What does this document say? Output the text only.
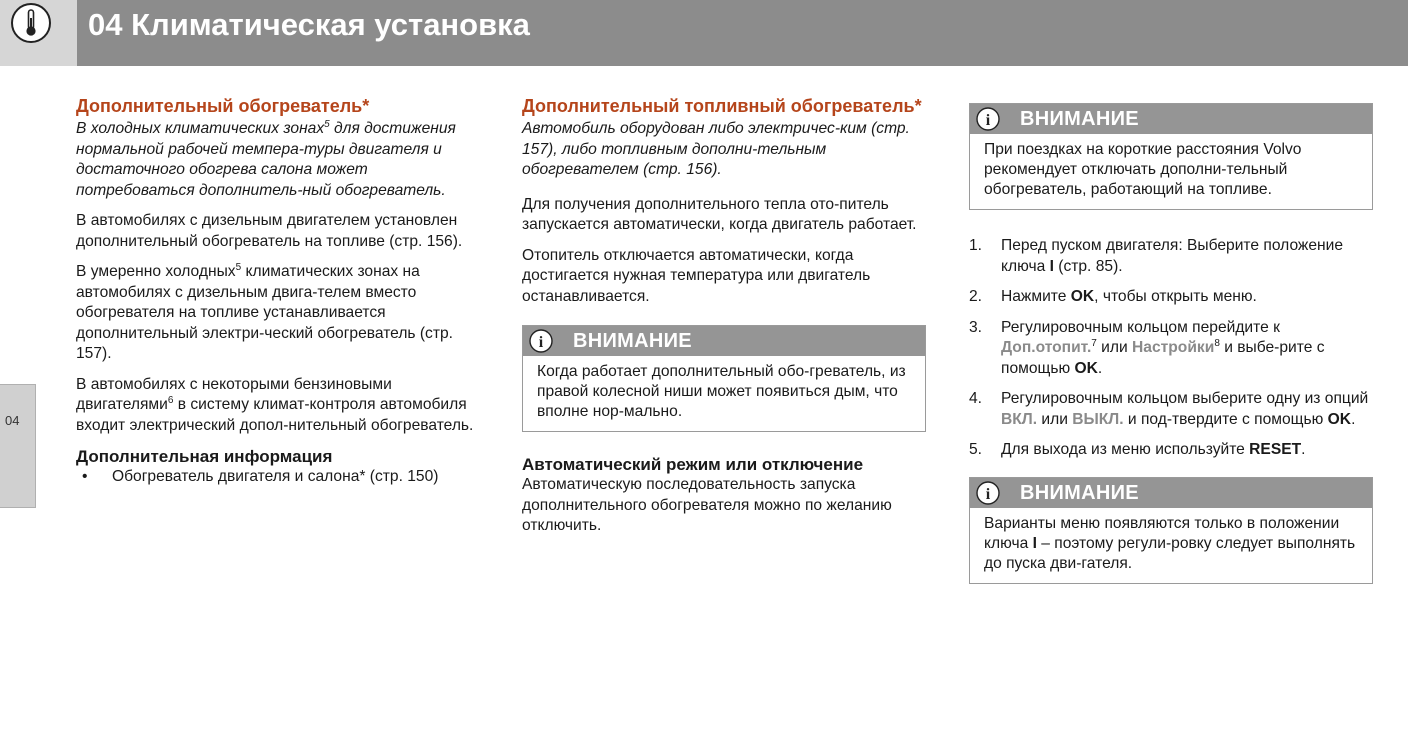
04 Климатическая установка
04
Дополнительный обогреватель*

В холодных климатических зонах$^5$ для достижения нормальной рабочей темпера-туры двигателя и достаточного обогрева салона может потребоваться дополнитель-ный обогреватель.

В автомобилях с дизельным двигателем установлен дополнительный обогреватель на топливе (стр. 156).

В умеренно холодных$^5$ климатических зонах на автомобилях с дизельным двига-телем вместо обогревателя на топливе устанавливается дополнительный электри-ческий обогреватель (стр. 157).

В автомобилях с некоторыми бензиновыми двигателями$^6$ в систему климат-контроля автомобиля входит электрический допол-нительный обогреватель.

Дополнительная информация
• Обогреватель двигателя и салона* (стр. 150)
Дополнительный топливный обогреватель*

Автомобиль оборудован либо электричес-ким (стр. 157), либо топливным дополни-тельным обогревателем (стр. 156).

Для получения дополнительного тепла ото-питель запускается автоматически, когда двигатель работает.

Отопитель отключается автоматически, когда достигается нужная температура или двигатель останавливается.

i ВНИМАНИЕ
Когда работает дополнительный обо-греватель, из правой колесной ниши может появиться дым, что вполне нор-мально.
Автоматический режим или отключение

Автоматическую последовательность запуска дополнительного обогревателя можно по желанию отключить.

i ВНИМАНИЕ
При поездках на короткие расстояния Volvo рекомендует отключать дополни-тельный обогреватель, работающий на топливе.
1. Перед пуском двигателя: Выберите положение ключа I (стр. 85).
2. Нажмите OK, чтобы открыть меню.
3. Регулировочным кольцом перейдите к Доп.отопит.$^7$ или Настройки$^8$ и выбе-рите с помощью OK.
4. Регулировочным кольцом выберите одну из опций ВКЛ. или ВЫКЛ. и под-твердите с помощью OK.
5. Для выхода из меню используйте RESET.
i ВНИМАНИЕ
Варианты меню появляются только в положении ключа I – поэтому регули-ровку следует выполнять до пуска дви-гателя.
